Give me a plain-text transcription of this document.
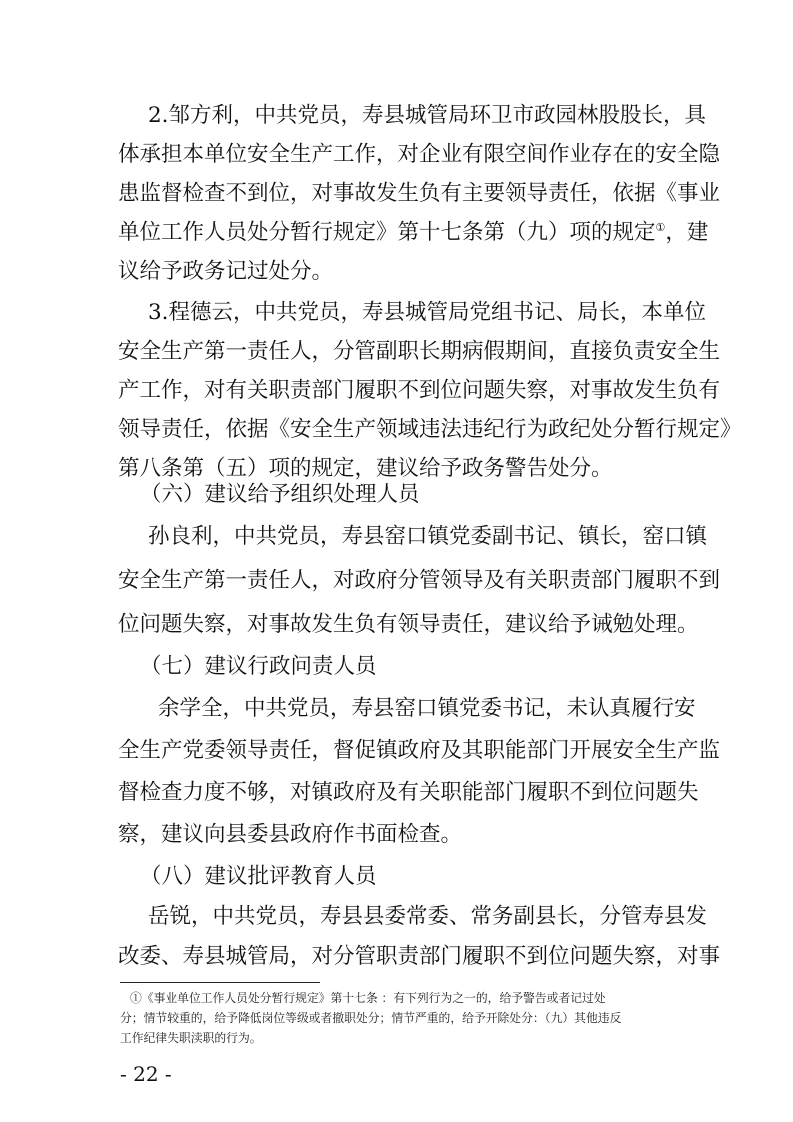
2.邹方利，中共党员，寿县城管局环卫市政园林股股长，具
体承担本单位安全生产工作，对企业有限空间作业存在的安全隐
患监督检查不到位，对事故发生负有主要领导责任，依据《事业
单位工作人员处分暂行规定》第十七条第（九）项的规定①，建
议给予政务记过处分。
3.程德云，中共党员，寿县城管局党组书记、局长，本单位
安全生产第一责任人，分管副职长期病假期间，直接负责安全生
产工作，对有关职责部门履职不到位问题失察，对事故发生负有
领导责任，依据《安全生产领域违法违纪行为政纪处分暂行规定》
第八条第（五）项的规定，建议给予政务警告处分。
（六）建议给予组织处理人员
孙良利，中共党员，寿县窑口镇党委副书记、镇长，窑口镇
安全生产第一责任人，对政府分管领导及有关职责部门履职不到
位问题失察，对事故发生负有领导责任，建议给予诫勉处理。
（七）建议行政问责人员
余学全，中共党员，寿县窑口镇党委书记，未认真履行安
全生产党委领导责任，督促镇政府及其职能部门开展安全生产监
督检查力度不够，对镇政府及有关职能部门履职不到位问题失
察，建议向县委县政府作书面检查。
①《事业单位工作人员处分暂行规定》第十七条 ：有下列行为之一的，给予警告或者记过处
分；情节较重的，给予降低岗位等级或者撤职处分；情节严重的，给予开除处分：（九）其他违反
工作纪律失职渎职的行为。
- 22 -
（八）建议批评教育人员
岳锐，中共党员，寿县县委常委、常务副县长，分管寿县发
改委、寿县城管局，对分管职责部门履职不到位问题失察，对事
